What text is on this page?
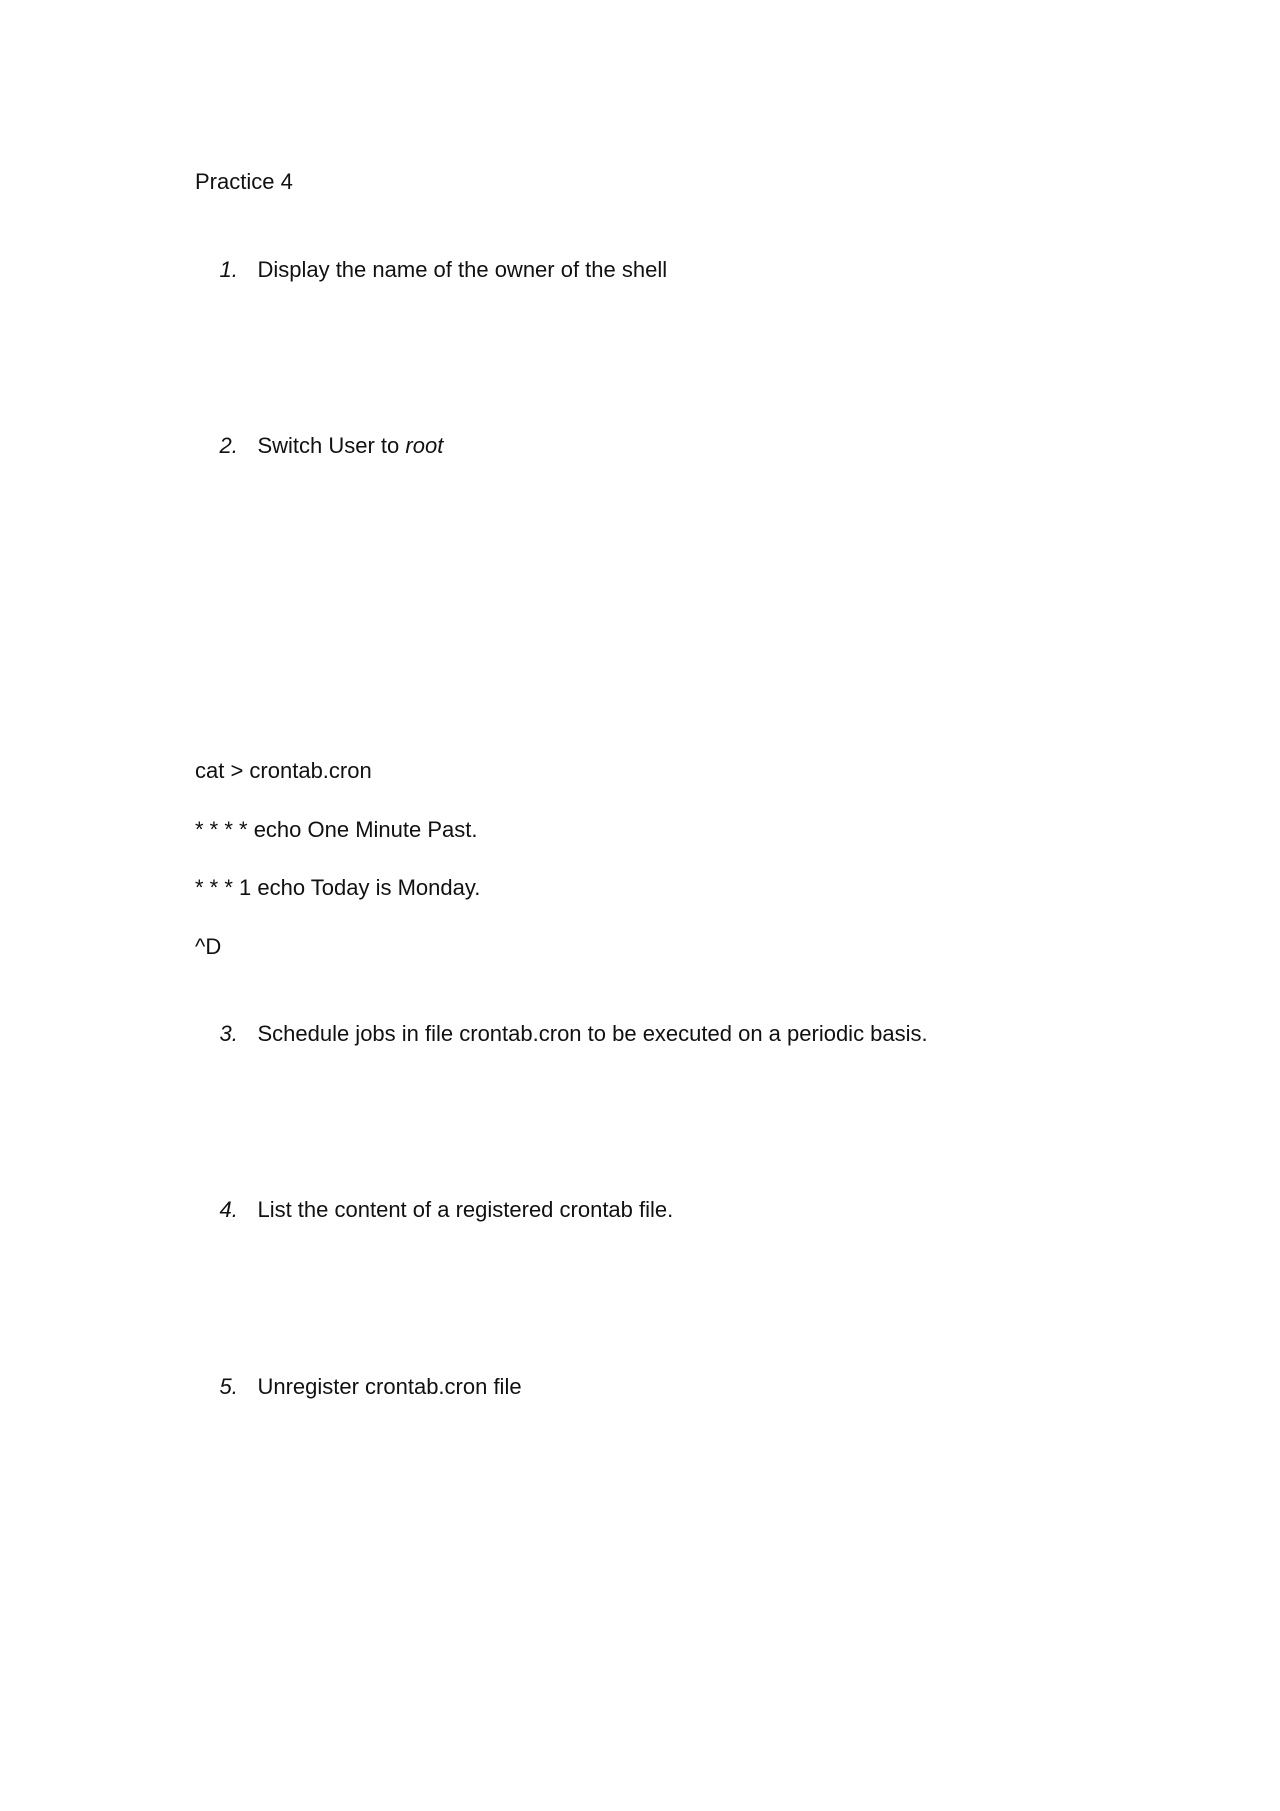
Practice 4

1. Display the name of the owner of the shell

2. Switch User to root

cat > crontab.cron
* * * * echo One Minute Past.
* * * 1 echo Today is Monday.
^D

3. Schedule jobs in file crontab.cron to be executed on a periodic basis.

4. List the content of a registered crontab file.

5. Unregister crontab.cron file
